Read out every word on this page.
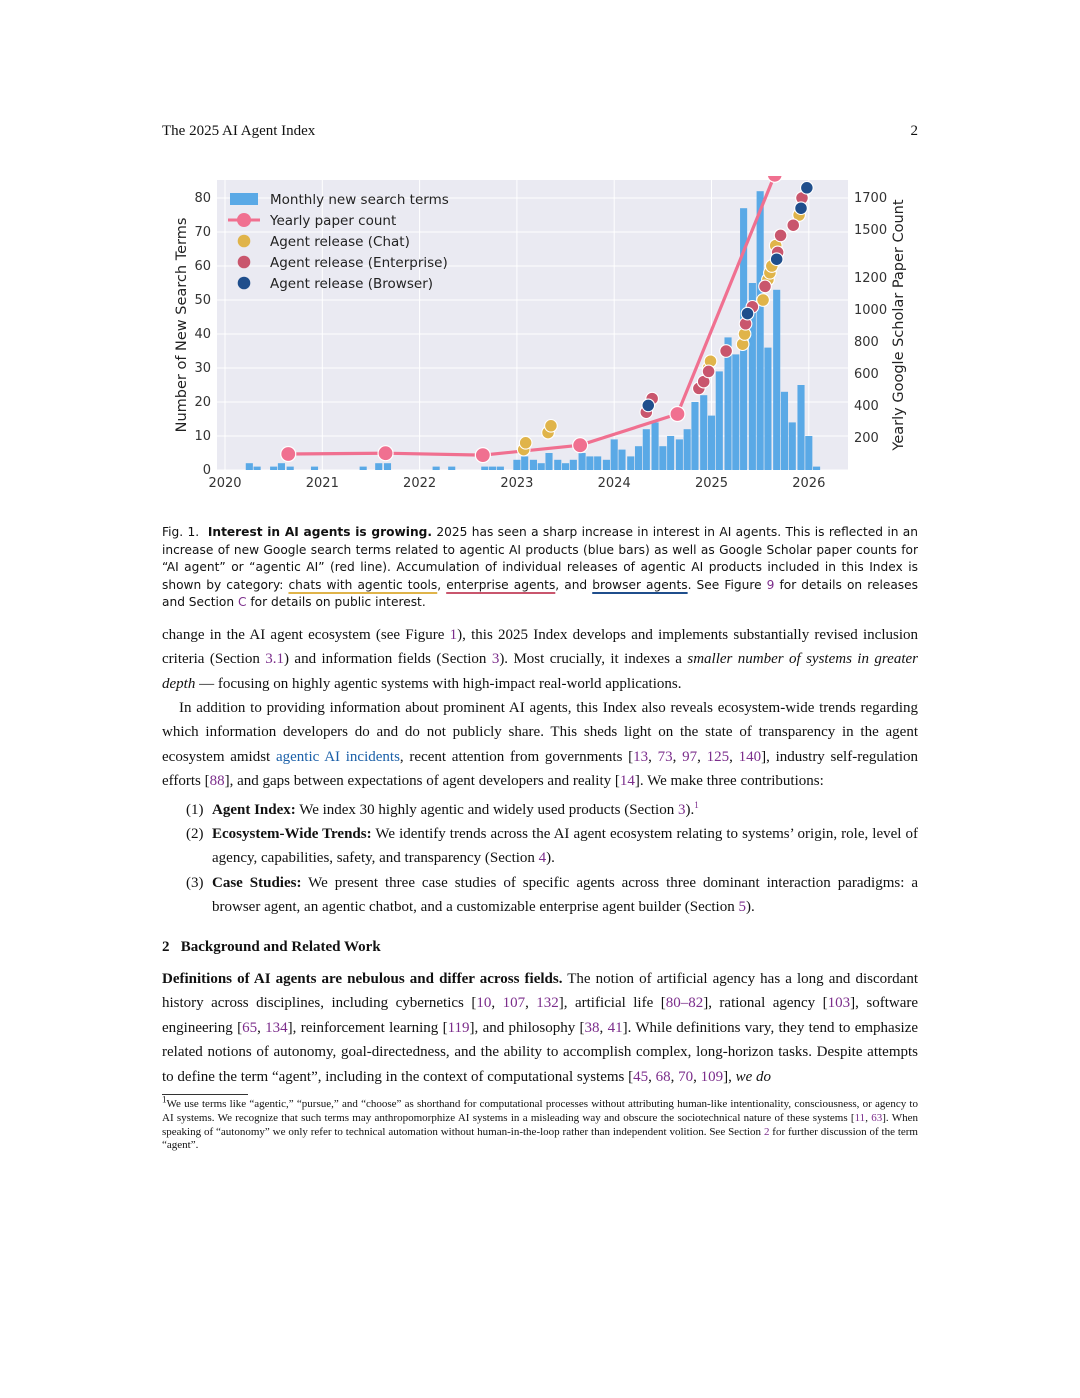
The 2025 AI Agent Index	2
0
10
20
30
40
50
60
70
80
2020	2021	2022	2023	2024	2025	2026
200
400
600
800
1000
1200
1500
1700
Number of New Search Terms	Yearly Google Scholar Paper Count
Monthly new search terms
Yearly paper count
Agent release (Chat)
Agent release (Enterprise)
Agent release (Browser)
Fig. 1. Interest in AI agents is growing. 2025 has seen a sharp increase in interest in AI agents. This is reflected in an increase of new Google search terms related to agentic AI products (blue bars) as well as Google Scholar paper counts for “AI agent” or “agentic AI” (red line). Accumulation of individual releases of agentic AI products included in this Index is shown by category: chats with agentic tools, enterprise agents, and browser agents. See Figure 9 for details on releases and Section C for details on public interest.
change in the AI agent ecosystem (see Figure 1), this 2025 Index develops and implements substantially revised inclusion criteria (Section 3.1) and information fields (Section 3). Most crucially, it indexes a smaller number of systems in greater depth — focusing on highly agentic systems with high-impact real-world applications.
In addition to providing information about prominent AI agents, this Index also reveals ecosystem-wide trends regarding which information developers do and do not publicly share. This sheds light on the state of transparency in the agent ecosystem amidst agentic AI incidents, recent attention from governments [13, 73, 97, 125, 140], industry self-regulation efforts [88], and gaps between expectations of agent developers and reality [14]. We make three contributions:
(1) Agent Index: We index 30 highly agentic and widely used products (Section 3).$^1$
(2) Ecosystem-Wide Trends: We identify trends across the AI agent ecosystem relating to systems’ origin, role, level of agency, capabilities, safety, and transparency (Section 4).
(3) Case Studies: We present three case studies of specific agents across three dominant interaction paradigms: a browser agent, an agentic chatbot, and a customizable enterprise agent builder (Section 5).
2 Background and Related Work
Definitions of AI agents are nebulous and differ across fields. The notion of artificial agency has a long and discordant history across disciplines, including cybernetics [10, 107, 132], artificial life [80–82], rational agency [103], software engineering [65, 134], reinforcement learning [119], and philosophy [38, 41]. While definitions vary, they tend to emphasize related notions of autonomy, goal-directedness, and the ability to accomplish complex, long-horizon tasks. Despite attempts to define the term “agent”, including in the context of computational systems [45, 68, 70, 109], we do
$^1$We use terms like “agentic,” “pursue,” and “choose” as shorthand for computational processes without attributing human-like intentionality, consciousness, or agency to AI systems. We recognize that such terms may anthropomorphize AI systems in a misleading way and obscure the sociotechnical nature of these systems [11, 63]. When speaking of “autonomy” we only refer to technical automation without human-in-the-loop rather than independent volition. See Section 2 for further discussion of the term “agent”.
